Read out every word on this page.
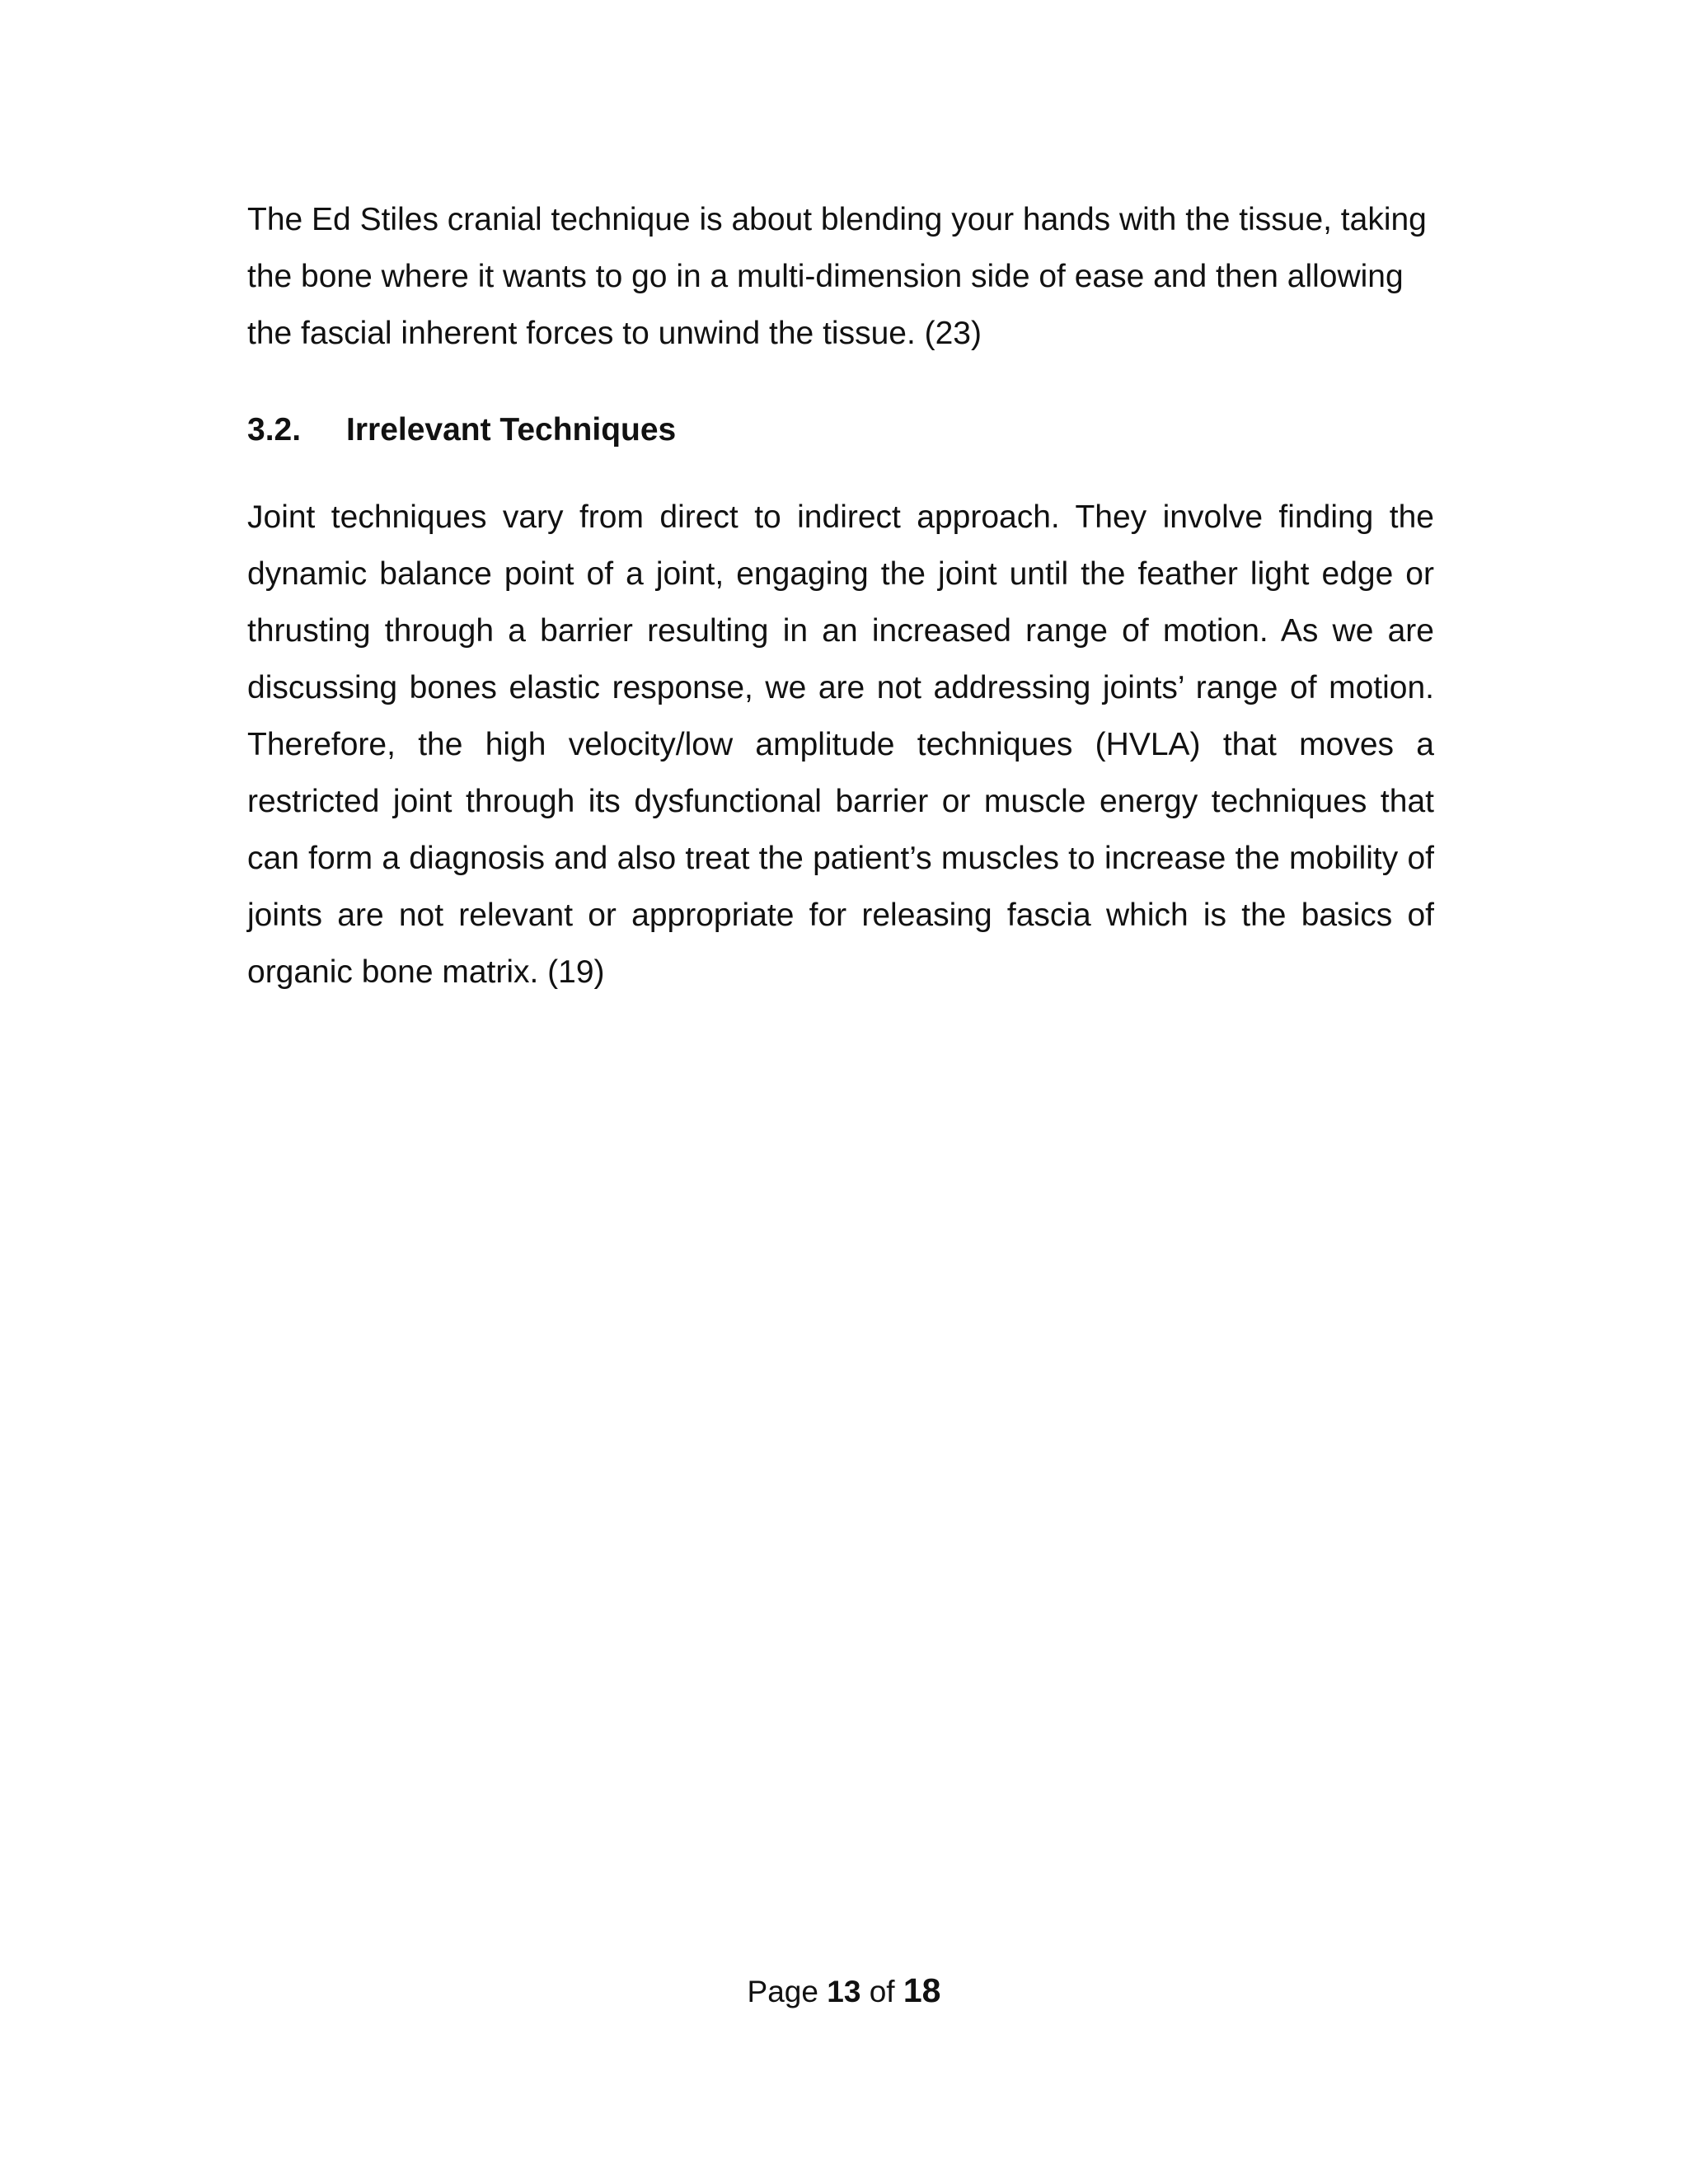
The Ed Stiles cranial technique is about blending your hands with the tissue, taking the bone where it wants to go in a multi-dimension side of ease and then allowing the fascial inherent forces to unwind the tissue. (23)

3.2.	Irrelevant Techniques

Joint techniques vary from direct to indirect approach. They involve finding the dynamic balance point of a joint, engaging the joint until the feather light edge or thrusting through a barrier resulting in an increased range of motion. As we are discussing bones elastic response, we are not addressing joints’ range of motion. Therefore, the high velocity/low amplitude techniques (HVLA) that moves a restricted joint through its dysfunctional barrier or muscle energy techniques that can form a diagnosis and also treat the patient’s muscles to increase the mobility of joints are not relevant or appropriate for releasing fascia which is the basics of organic bone matrix. (19)

Page 13 of 18
